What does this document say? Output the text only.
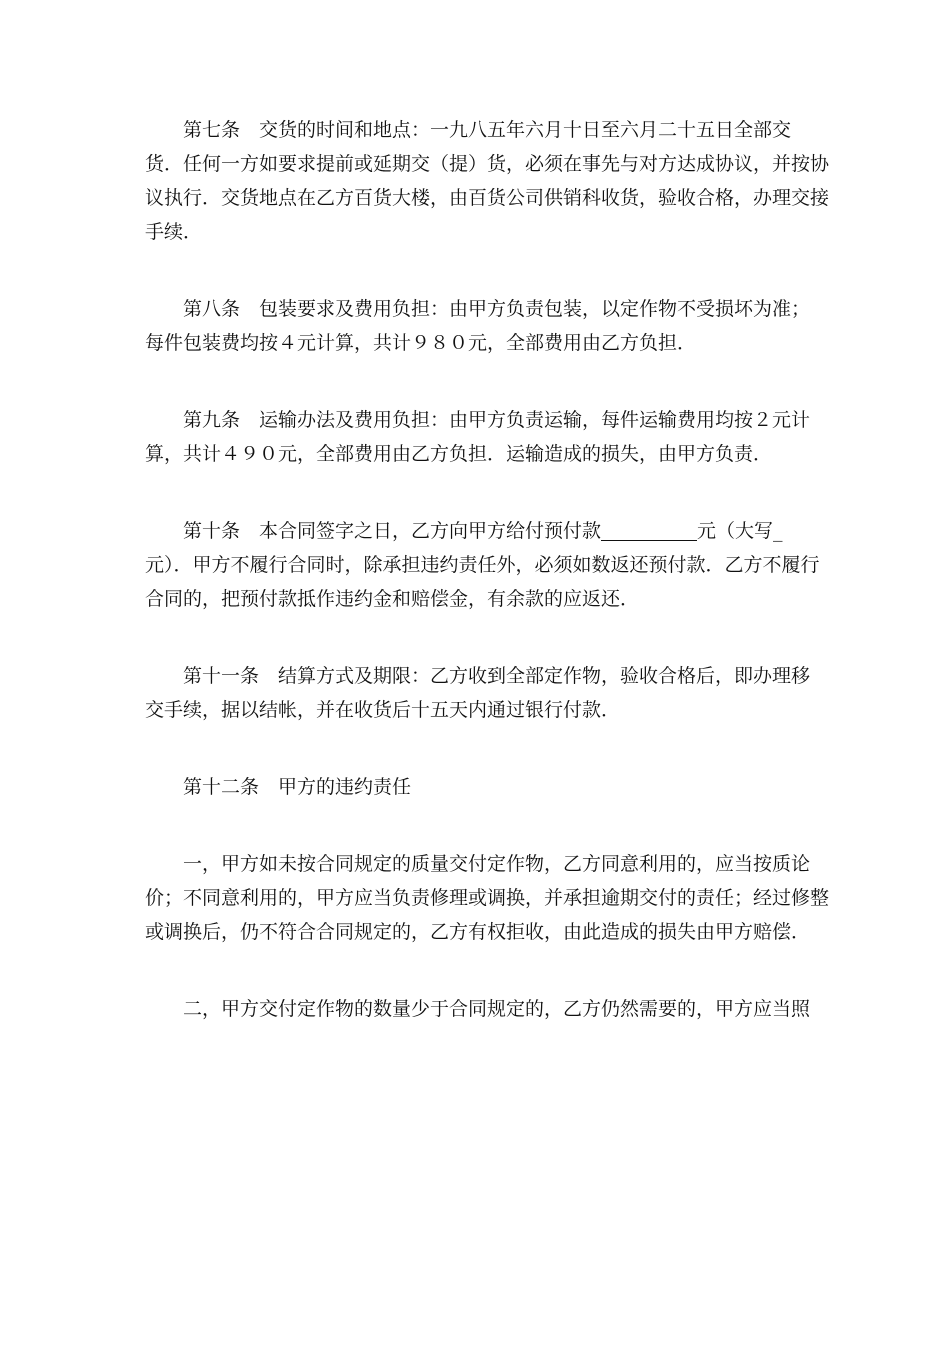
第七条　交货的时间和地点：一九八五年六月十日至六月二十五日全部交
货．任何一方如要求提前或延期交（提）货，必须在事先与对方达成协议，并按协
议执行．交货地点在乙方百货大楼，由百货公司供销科收货，验收合格，办理交接
手续．
第八条　包装要求及费用负担：由甲方负责包装，以定作物不受损坏为准；
每件包装费均按４元计算，共计９８０元，全部费用由乙方负担．
第九条　运输办法及费用负担：由甲方负责运输，每件运输费用均按２元计
算，共计４９０元，全部费用由乙方负担．运输造成的损失，由甲方负责．
第十条　本合同签字之日，乙方向甲方给付预付款	元（大写_
元）．甲方不履行合同时，除承担违约责任外，必须如数返还预付款．乙方不履行
合同的，把预付款抵作违约金和赔偿金，有余款的应返还．
第十一条　结算方式及期限：乙方收到全部定作物，验收合格后，即办理移
交手续，据以结帐，并在收货后十五天内通过银行付款．
第十二条　甲方的违约责任
一，甲方如未按合同规定的质量交付定作物，乙方同意利用的，应当按质论
价；不同意利用的，甲方应当负责修理或调换，并承担逾期交付的责任；经过修整
或调换后，仍不符合合同规定的，乙方有权拒收，由此造成的损失由甲方赔偿．
二，甲方交付定作物的数量少于合同规定的，乙方仍然需要的，甲方应当照
